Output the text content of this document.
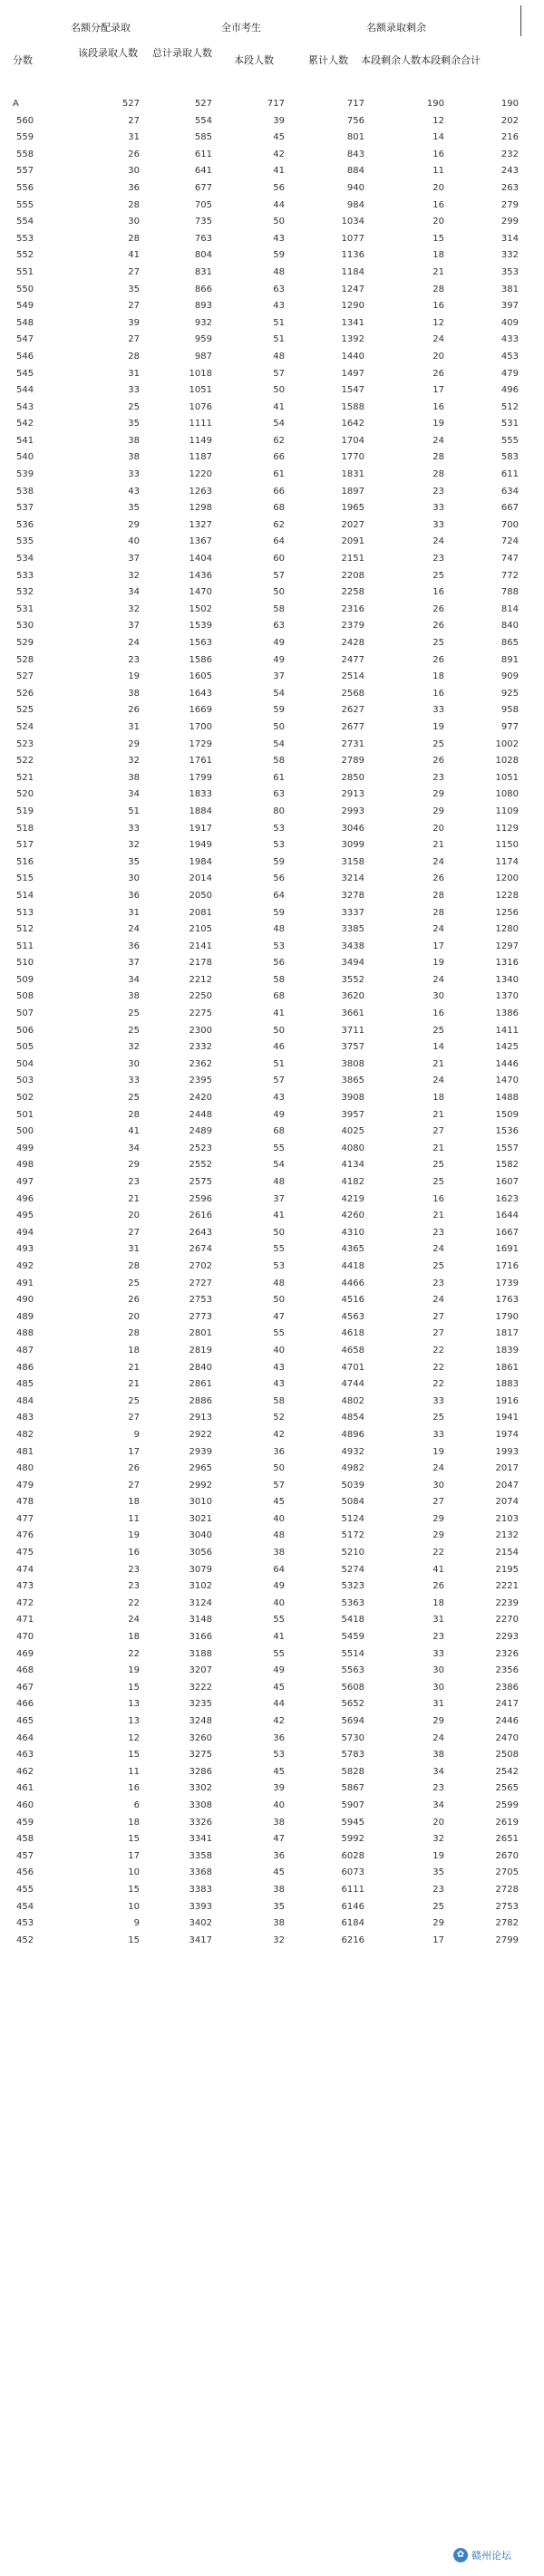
名额分配录取	全市考生	名额录取剩余
分数
该段录取人数	总计录取人数
本段人数	累计人数 本段剩余人数本段剩余合计
A	527	527	717	717	190	190
560	27	554	39	756	12	202
559	31	585	45	801	14	216
558	26	611	42	843	16	232
557	30	641	41	884	11	243
556	36	677	56	940	20	263
555	28	705	44	984	16	279
554	30	735	50	1034	20	299
553	28	763	43	1077	15	314
552	41	804	59	1136	18	332
551	27	831	48	1184	21	353
550	35	866	63	1247	28	381
549	27	893	43	1290	16	397
548	39	932	51	1341	12	409
547	27	959	51	1392	24	433
546	28	987	48	1440	20	453
545	31	1018	57	1497	26	479
544	33	1051	50	1547	17	496
543	25	1076	41	1588	16	512
542	35	1111	54	1642	19	531
541	38	1149	62	1704	24	555
540	38	1187	66	1770	28	583
539	33	1220	61	1831	28	611
538	43	1263	66	1897	23	634
537	35	1298	68	1965	33	667
536	29	1327	62	2027	33	700
535	40	1367	64	2091	24	724
534	37	1404	60	2151	23	747
533	32	1436	57	2208	25	772
532	34	1470	50	2258	16	788
531	32	1502	58	2316	26	814
530	37	1539	63	2379	26	840
529	24	1563	49	2428	25	865
528	23	1586	49	2477	26	891
527	19	1605	37	2514	18	909
526	38	1643	54	2568	16	925
525	26	1669	59	2627	33	958
524	31	1700	50	2677	19	977
523	29	1729	54	2731	25	1002
522	32	1761	58	2789	26	1028
521	38	1799	61	2850	23	1051
520	34	1833	63	2913	29	1080
519	51	1884	80	2993	29	1109
518	33	1917	53	3046	20	1129
517	32	1949	53	3099	21	1150
516	35	1984	59	3158	24	1174
515	30	2014	56	3214	26	1200
514	36	2050	64	3278	28	1228
513	31	2081	59	3337	28	1256
512	24	2105	48	3385	24	1280
511	36	2141	53	3438	17	1297
510	37	2178	56	3494	19	1316
509	34	2212	58	3552	24	1340
508	38	2250	68	3620	30	1370
507	25	2275	41	3661	16	1386
506	25	2300	50	3711	25	1411
505	32	2332	46	3757	14	1425
504	30	2362	51	3808	21	1446
503	33	2395	57	3865	24	1470
502	25	2420	43	3908	18	1488
501	28	2448	49	3957	21	1509
500	41	2489	68	4025	27	1536
499	34	2523	55	4080	21	1557
498	29	2552	54	4134	25	1582
497	23	2575	48	4182	25	1607
496	21	2596	37	4219	16	1623
495	20	2616	41	4260	21	1644
494	27	2643	50	4310	23	1667
493	31	2674	55	4365	24	1691
492	28	2702	53	4418	25	1716
491	25	2727	48	4466	23	1739
490	26	2753	50	4516	24	1763
489	20	2773	47	4563	27	1790
488	28	2801	55	4618	27	1817
487	18	2819	40	4658	22	1839
486	21	2840	43	4701	22	1861
485	21	2861	43	4744	22	1883
484	25	2886	58	4802	33	1916
483	27	2913	52	4854	25	1941
482	9	2922	42	4896	33	1974
481	17	2939	36	4932	19	1993
480	26	2965	50	4982	24	2017
479	27	2992	57	5039	30	2047
478	18	3010	45	5084	27	2074
477	11	3021	40	5124	29	2103
476	19	3040	48	5172	29	2132
475	16	3056	38	5210	22	2154
474	23	3079	64	5274	41	2195
473	23	3102	49	5323	26	2221
472	22	3124	40	5363	18	2239
471	24	3148	55	5418	31	2270
470	18	3166	41	5459	23	2293
469	22	3188	55	5514	33	2326
468	19	3207	49	5563	30	2356
467	15	3222	45	5608	30	2386
466	13	3235	44	5652	31	2417
465	13	3248	42	5694	29	2446
464	12	3260	36	5730	24	2470
463	15	3275	53	5783	38	2508
462	11	3286	45	5828	34	2542
461	16	3302	39	5867	23	2565
460	6	3308	40	5907	34	2599
459	18	3326	38	5945	20	2619
458	15	3341	47	5992	32	2651
457	17	3358	36	6028	19	2670
456	10	3368	45	6073	35	2705
455	15	3383	38	6111	23	2728
454	10	3393	35	6146	25	2753
453	9	3402	38	6184	29	2782
452	15	3417	32	6216	17	2799
✿ 赣州论坛
